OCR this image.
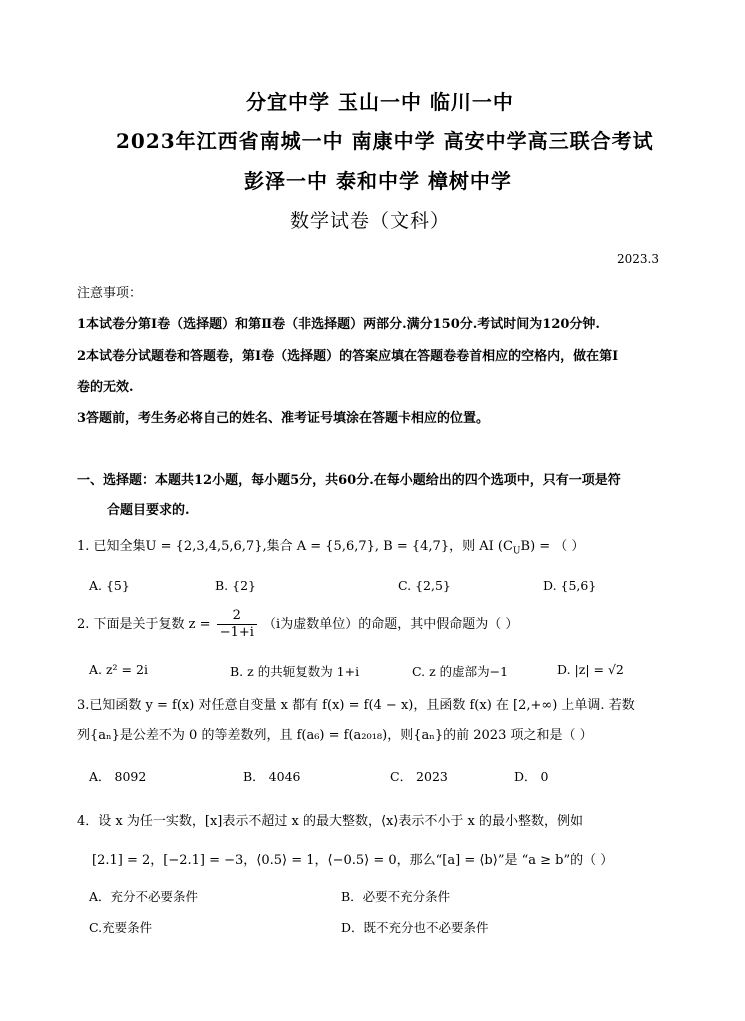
分宜中学 玉山一中 临川一中
2023年江西省南城一中 南康中学 高安中学高三联合考试
彭泽一中 泰和中学 樟树中学
数学试卷（文科）
2023.3
注意事项：
1本试卷分第Ⅰ卷（选择题）和第Ⅱ卷（非选择题）两部分.满分150分.考试时间为120分钟.
2本试卷分试题卷和答题卷，第Ⅰ卷（选择题）的答案应填在答题卷卷首相应的空格内，做在第Ⅰ
卷的无效.
3答题前，考生务必将自己的姓名、准考证号填涂在答题卡相应的位置。
一、选择题：本题共12小题，每小题5分，共60分.在每小题给出的四个选项中，只有一项是符
合题目要求的.
1. 已知全集U = {2,3,4,5,6,7},集合 A = {5,6,7}, B = {4,7}，则 AI $(C_UB)$ = （ ）
A. {5}	B. {2}	C. {2,5}	D. {5,6}
2. 下面是关于复数 $z = \frac{2}{-1+i} (i$为虚数单位）的命题，其中假命题为（ ）
A. z² = 2i	B. z 的共轭复数为 1+i	C. z 的虚部为−1	D. |z| = √2
3.已知函数 y = f(x) 对任意自变量 x 都有 f(x) = f(4 − x)，且函数 f(x) 在 [2,+∞) 上单调. 若数
列{aₙ}是公差不为 0 的等差数列，且 f(a₆) = f(a₂₀₁₈)，则{aₙ}的前 2023 项之和是（ ）
A． 8092	B． 4046	C． 2023	D． 0
4．设 x 为任一实数，[x]表示不超过 x 的最大整数，⟨x⟩表示不小于 x 的最小整数，例如
[2.1] = 2，[−2.1] = −3，⟨0.5⟩ = 1，⟨−0.5⟩ = 0，那么“[a] = ⟨b⟩”是 “a ≥ b”的（ ）
A．充分不必要条件	B．必要不充分条件
C.充要条件	D．既不充分也不必要条件
